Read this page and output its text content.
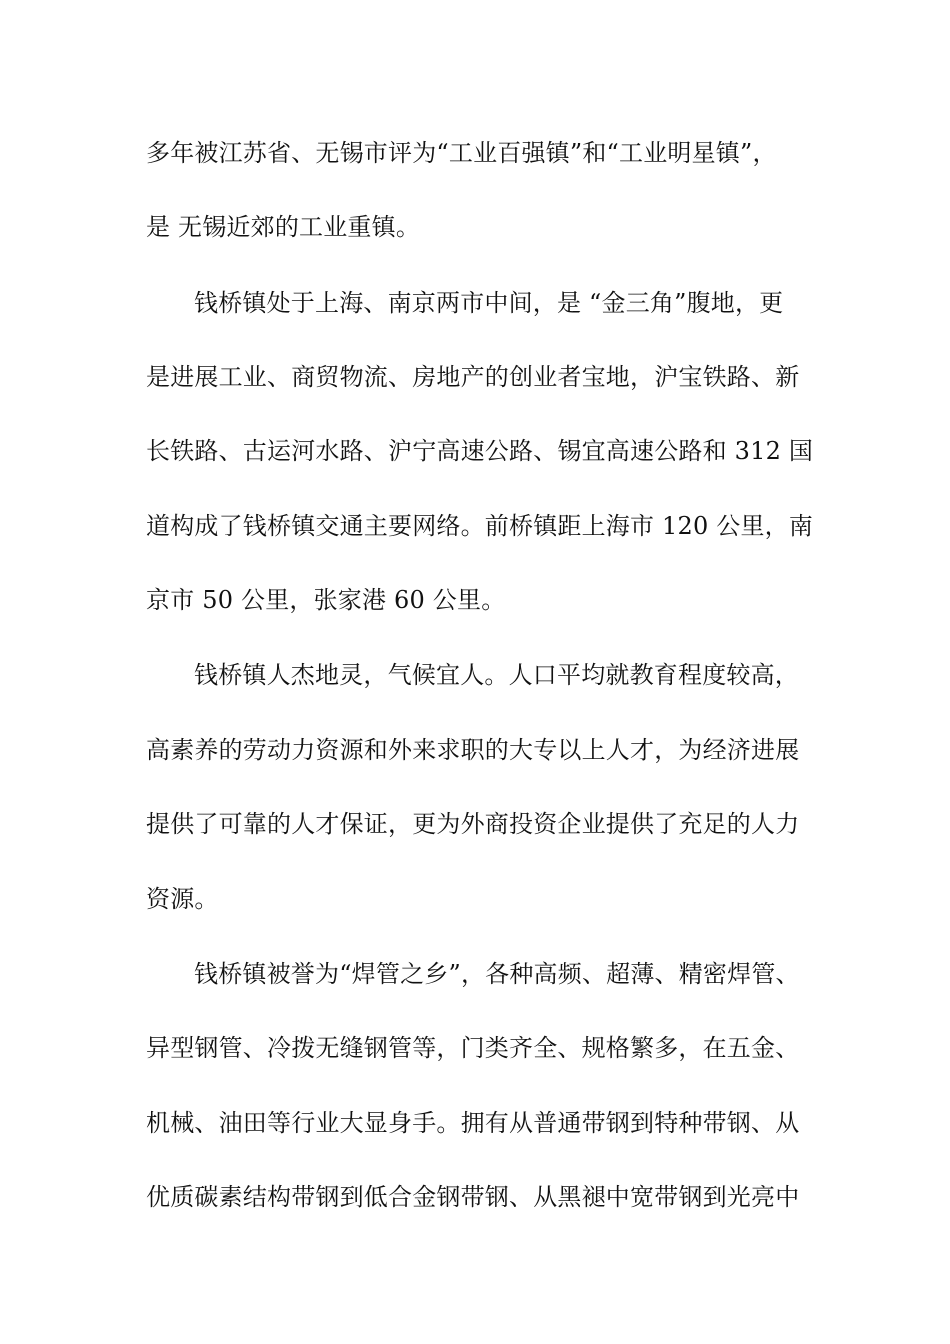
多年被江苏省、无锡市评为“工业百强镇”和“工业明星镇”，
是 无锡近郊的工业重镇。
钱桥镇处于上海、南京两市中间，是 “金三角”腹地，更
是进展工业、商贸物流、房地产的创业者宝地，沪宝铁路、新
长铁路、古运河水路、沪宁高速公路、锡宜高速公路和 312 国
道构成了钱桥镇交通主要网络。前桥镇距上海市 120 公里，南
京市 50 公里，张家港 60 公里。
钱桥镇人杰地灵，气候宜人。人口平均就教育程度较高，
高素养的劳动力资源和外来求职的大专以上人才，为经济进展
提供了可靠的人才保证，更为外商投资企业提供了充足的人力
资源。
钱桥镇被誉为“焊管之乡”，各种高频、超薄、精密焊管、
异型钢管、冷拨无缝钢管等，门类齐全、规格繁多，在五金、
机械、油田等行业大显身手。拥有从普通带钢到特种带钢、从
优质碳素结构带钢到低合金钢带钢、从黑褪中宽带钢到光亮中
